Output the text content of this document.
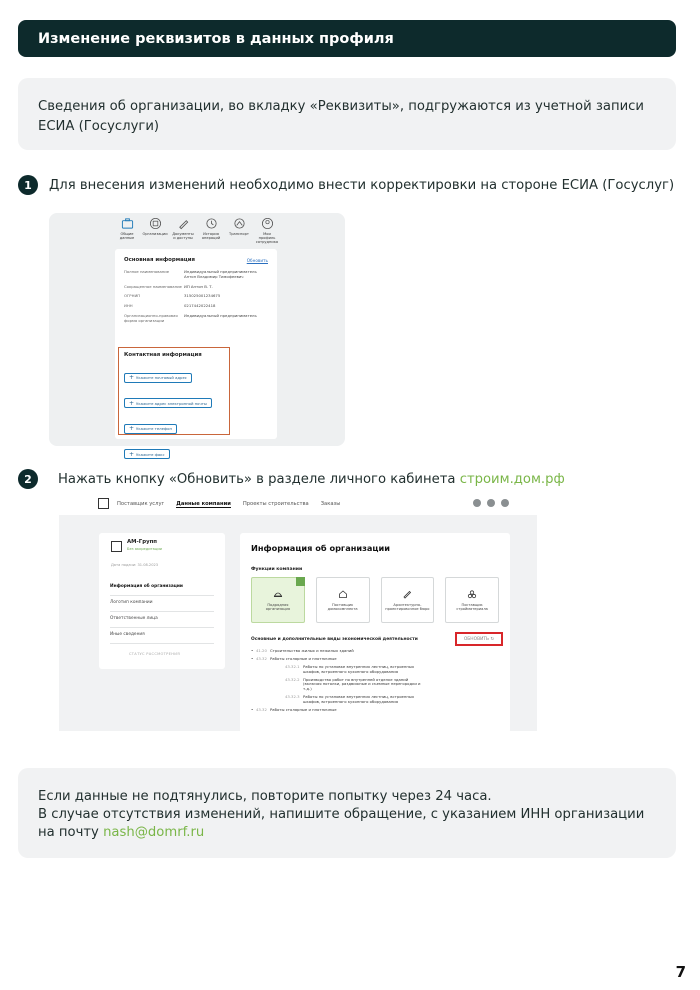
Изменение реквизитов в данных профиля
Сведения об организации, во вкладку «Реквизиты», подгружаются из учетной записи ЕСИА (Госуслуги)
1	Для внесения изменений необходимо внести корректировки на стороне ЕСИА (Госуслуг)
Общие данные
Организации	Документы и доступы
История операций
Транспорт	Мои профиль сотрудника
Основная информация	Обновить
Полное наименование	Индивидуальный предприниматель Антон Владимир Тимофеевич
Сокращенное наименование ИП Антон В. Т.
ОГРНИП	315025001234675
ИНН	0217442022418
Организационно-правовая форма организации
Индивидуальный предприниматель
Контактная информация
+ Укажите почтовый адрес
+ Укажите адрес электронной почты
+ Укажите телефон
+ Укажите факс
2	Нажать кнопку «Обновить» в разделе личного кабинета строим.дом.рф
Поставщик услуг Данные компании Проекты строительства Заказы
АМ-Групп
Без аккредитации
Дата подачи: 31.08.2023
Информация об организации
Логотип компании
Ответственные лица
Иные сведения
СТАТУС РАССМОТРЕНИЯ
Информация об организации
Функции компании
Подрядная организация
Поставщик домокомплекта
Архитектурно-проектировочное бюро
Поставщик стройматериала
Основные и дополнительные виды экономической деятельности	ОБНОВИТЬ
↻
• 41.20 Строительство жилых и нежилых зданий
• 43.32 Работы столярные и плотничные
43.32.1 Работы по установке внутренних лестниц, встроенных шкафов, встроенного кухонного оборудования
43.32.2 Производство работ по внутренней отделке зданий (включая потолки, раздвижные и съемные перегородки и т.д.)
43.32.3 Работы по установке внутренних лестниц, встроенных шкафов, встроенного кухонного оборудования
• 43.32 Работы столярные и плотничные
Если данные не подтянулись, повторите попытку через 24 часа.
В случае отсутствия изменений, напишите обращение, с указанием ИНН организации
на почту nash@domrf.ru
7
